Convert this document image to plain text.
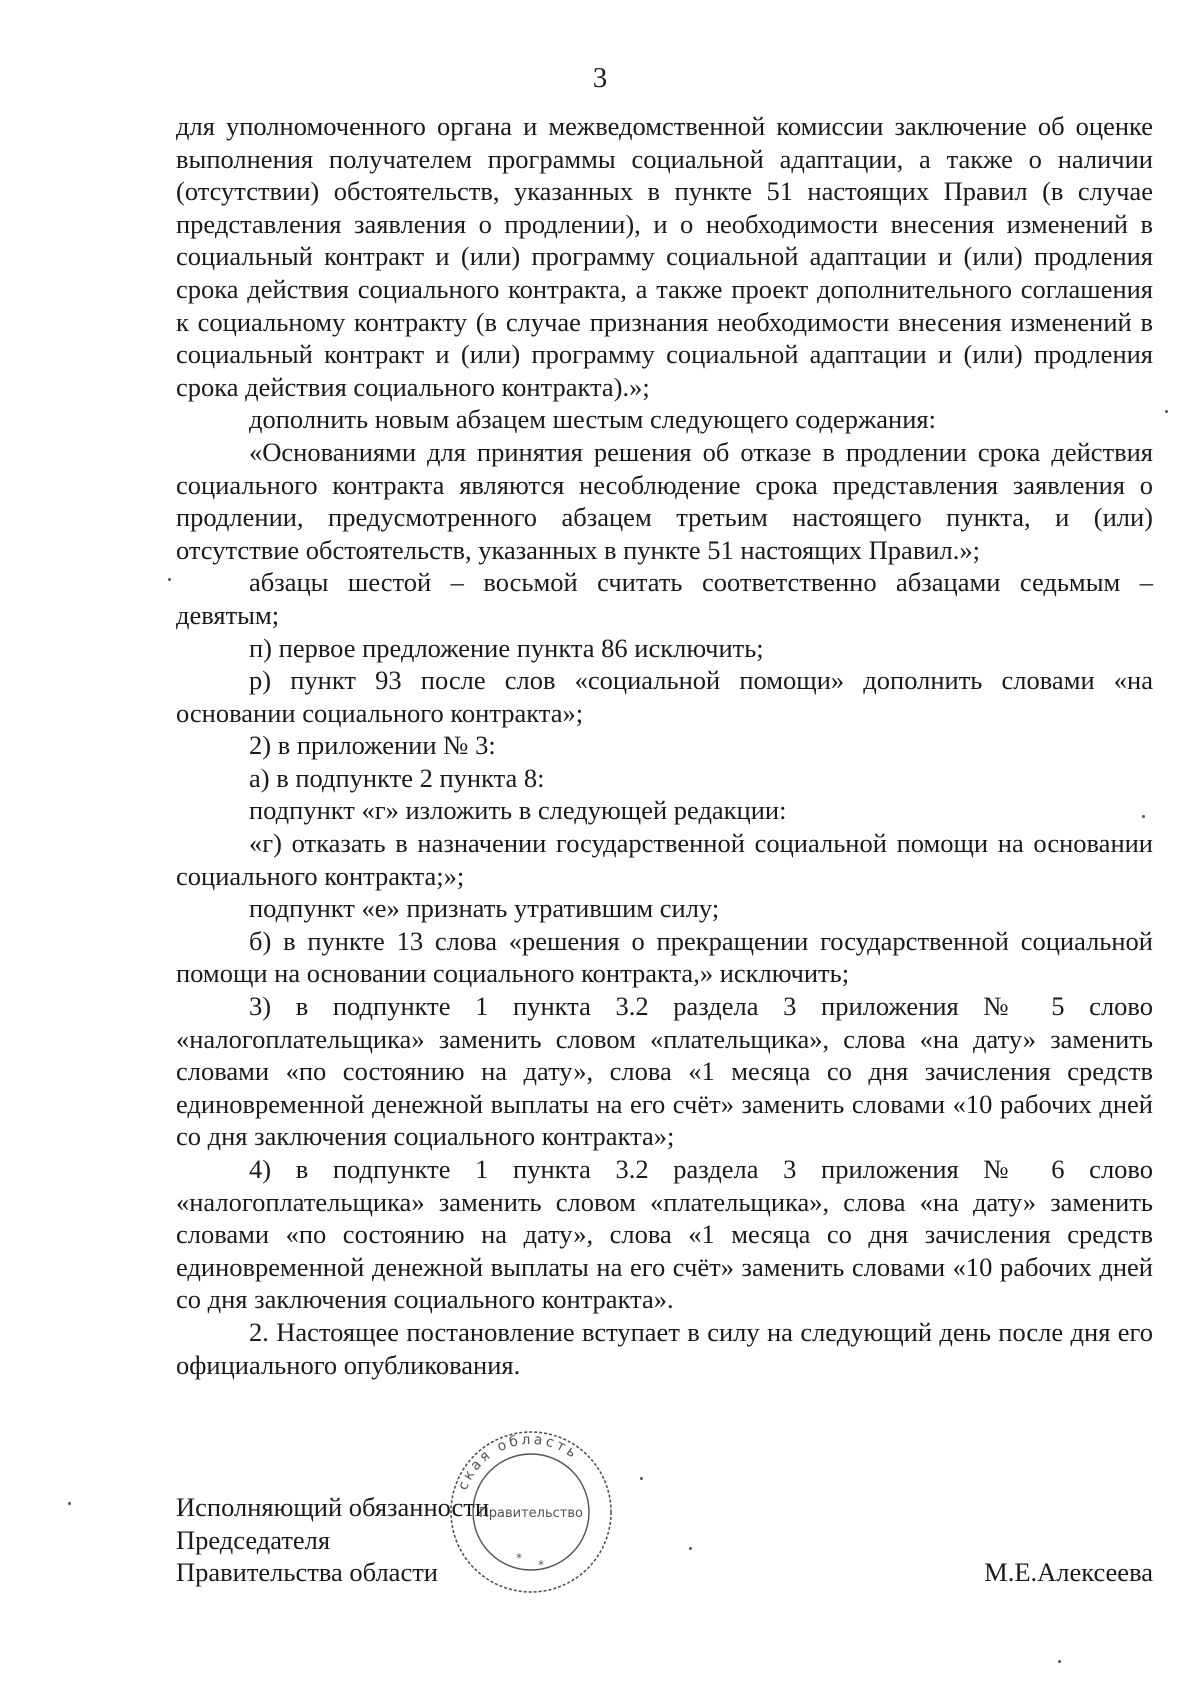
3

для уполномоченного органа и межведомственной комиссии заключение об оценке выполнения получателем программы социальной адаптации, а также о наличии (отсутствии) обстоятельств, указанных в пункте 51 настоящих Правил (в случае представления заявления о продлении), и о необходимости внесения изменений в социальный контракт и (или) программу социальной адаптации и (или) продления срока действия социального контракта, а также проект дополнительного соглашения к социальному контракту (в случае признания необходимости внесения изменений в социальный контракт и (или) программу социальной адаптации и (или) продления срока действия социального контракта).»;

дополнить новым абзацем шестым следующего содержания:

«Основаниями для принятия решения об отказе в продлении срока действия социального контракта являются несоблюдение срока представления заявления о продлении, предусмотренного абзацем третьим настоящего пункта, и (или) отсутствие обстоятельств, указанных в пункте 51 настоящих Правил.»;

абзацы шестой – восьмой считать соответственно абзацами седьмым – девятым;

п) первое предложение пункта 86 исключить;

р) пункт 93 после слов «социальной помощи» дополнить словами «на основании социального контракта»;

2) в приложении № 3:

а) в подпункте 2 пункта 8:

подпункт «г» изложить в следующей редакции:

«г) отказать в назначении государственной социальной помощи на основании социального контракта;»;

подпункт «е» признать утратившим силу;

б) в пункте 13 слова «решения о прекращении государственной социальной помощи на основании социального контракта,» исключить;

3) в подпункте 1 пункта 3.2 раздела 3 приложения № 5 слово «налогоплательщика» заменить словом «плательщика», слова «на дату» заменить словами «по состоянию на дату», слова «1 месяца со дня зачисления средств единовременной денежной выплаты на его счёт» заменить словами «10 рабочих дней со дня заключения социального контракта»;

4) в подпункте 1 пункта 3.2 раздела 3 приложения № 6 слово «налогоплательщика» заменить словом «плательщика», слова «на дату» заменить словами «по состоянию на дату», слова «1 месяца со дня зачисления средств единовременной денежной выплаты на его счёт» заменить словами «10 рабочих дней со дня заключения социального контракта».

2. Настоящее постановление вступает в силу на следующий день после дня его официального опубликования.

Исполняющий обязанности
Председателя
Правительства области	М.Е.Алексеева
ская область
Правительство
* *
